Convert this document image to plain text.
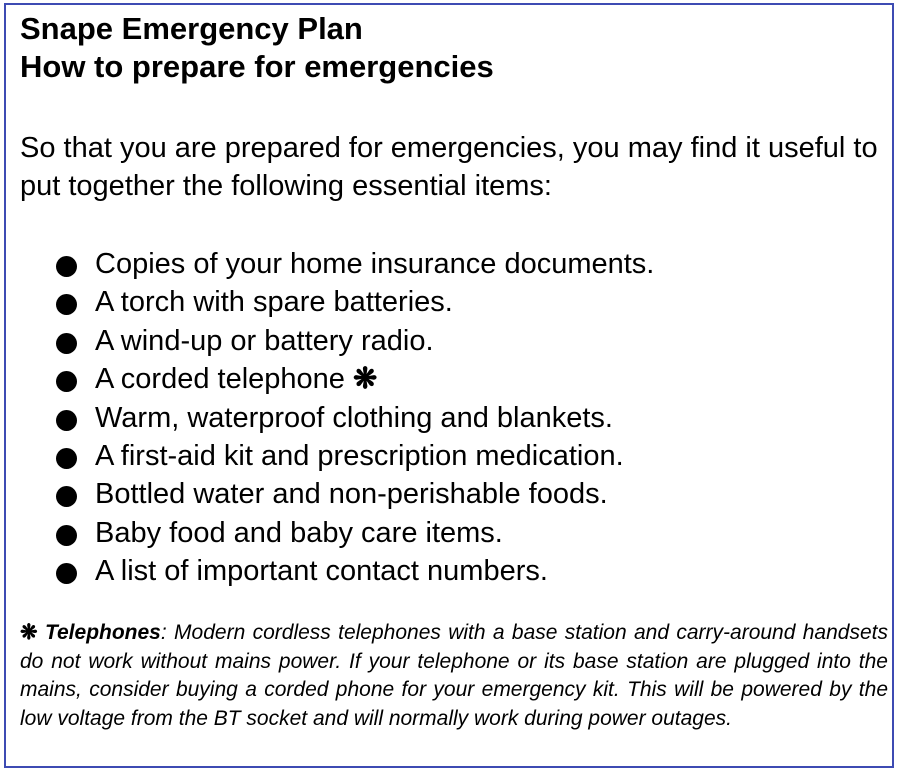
Snape Emergency Plan
How to prepare for emergencies

So that you are prepared for emergencies, you may find it useful to put together the following essential items:

Copies of your home insurance documents.
A torch with spare batteries.
A wind-up or battery radio.
A corded telephone ❋
Warm, waterproof clothing and blankets.
A first-aid kit and prescription medication.
Bottled water and non-perishable foods.
Baby food and baby care items.
A list of important contact numbers.

❋ Telephones: Modern cordless telephones with a base station and carry-around handsets do not work without mains power. If your telephone or its base station are plugged into the mains, consider buying a corded phone for your emergency kit. This will be powered by the low voltage from the BT socket and will normally work during power outages.
